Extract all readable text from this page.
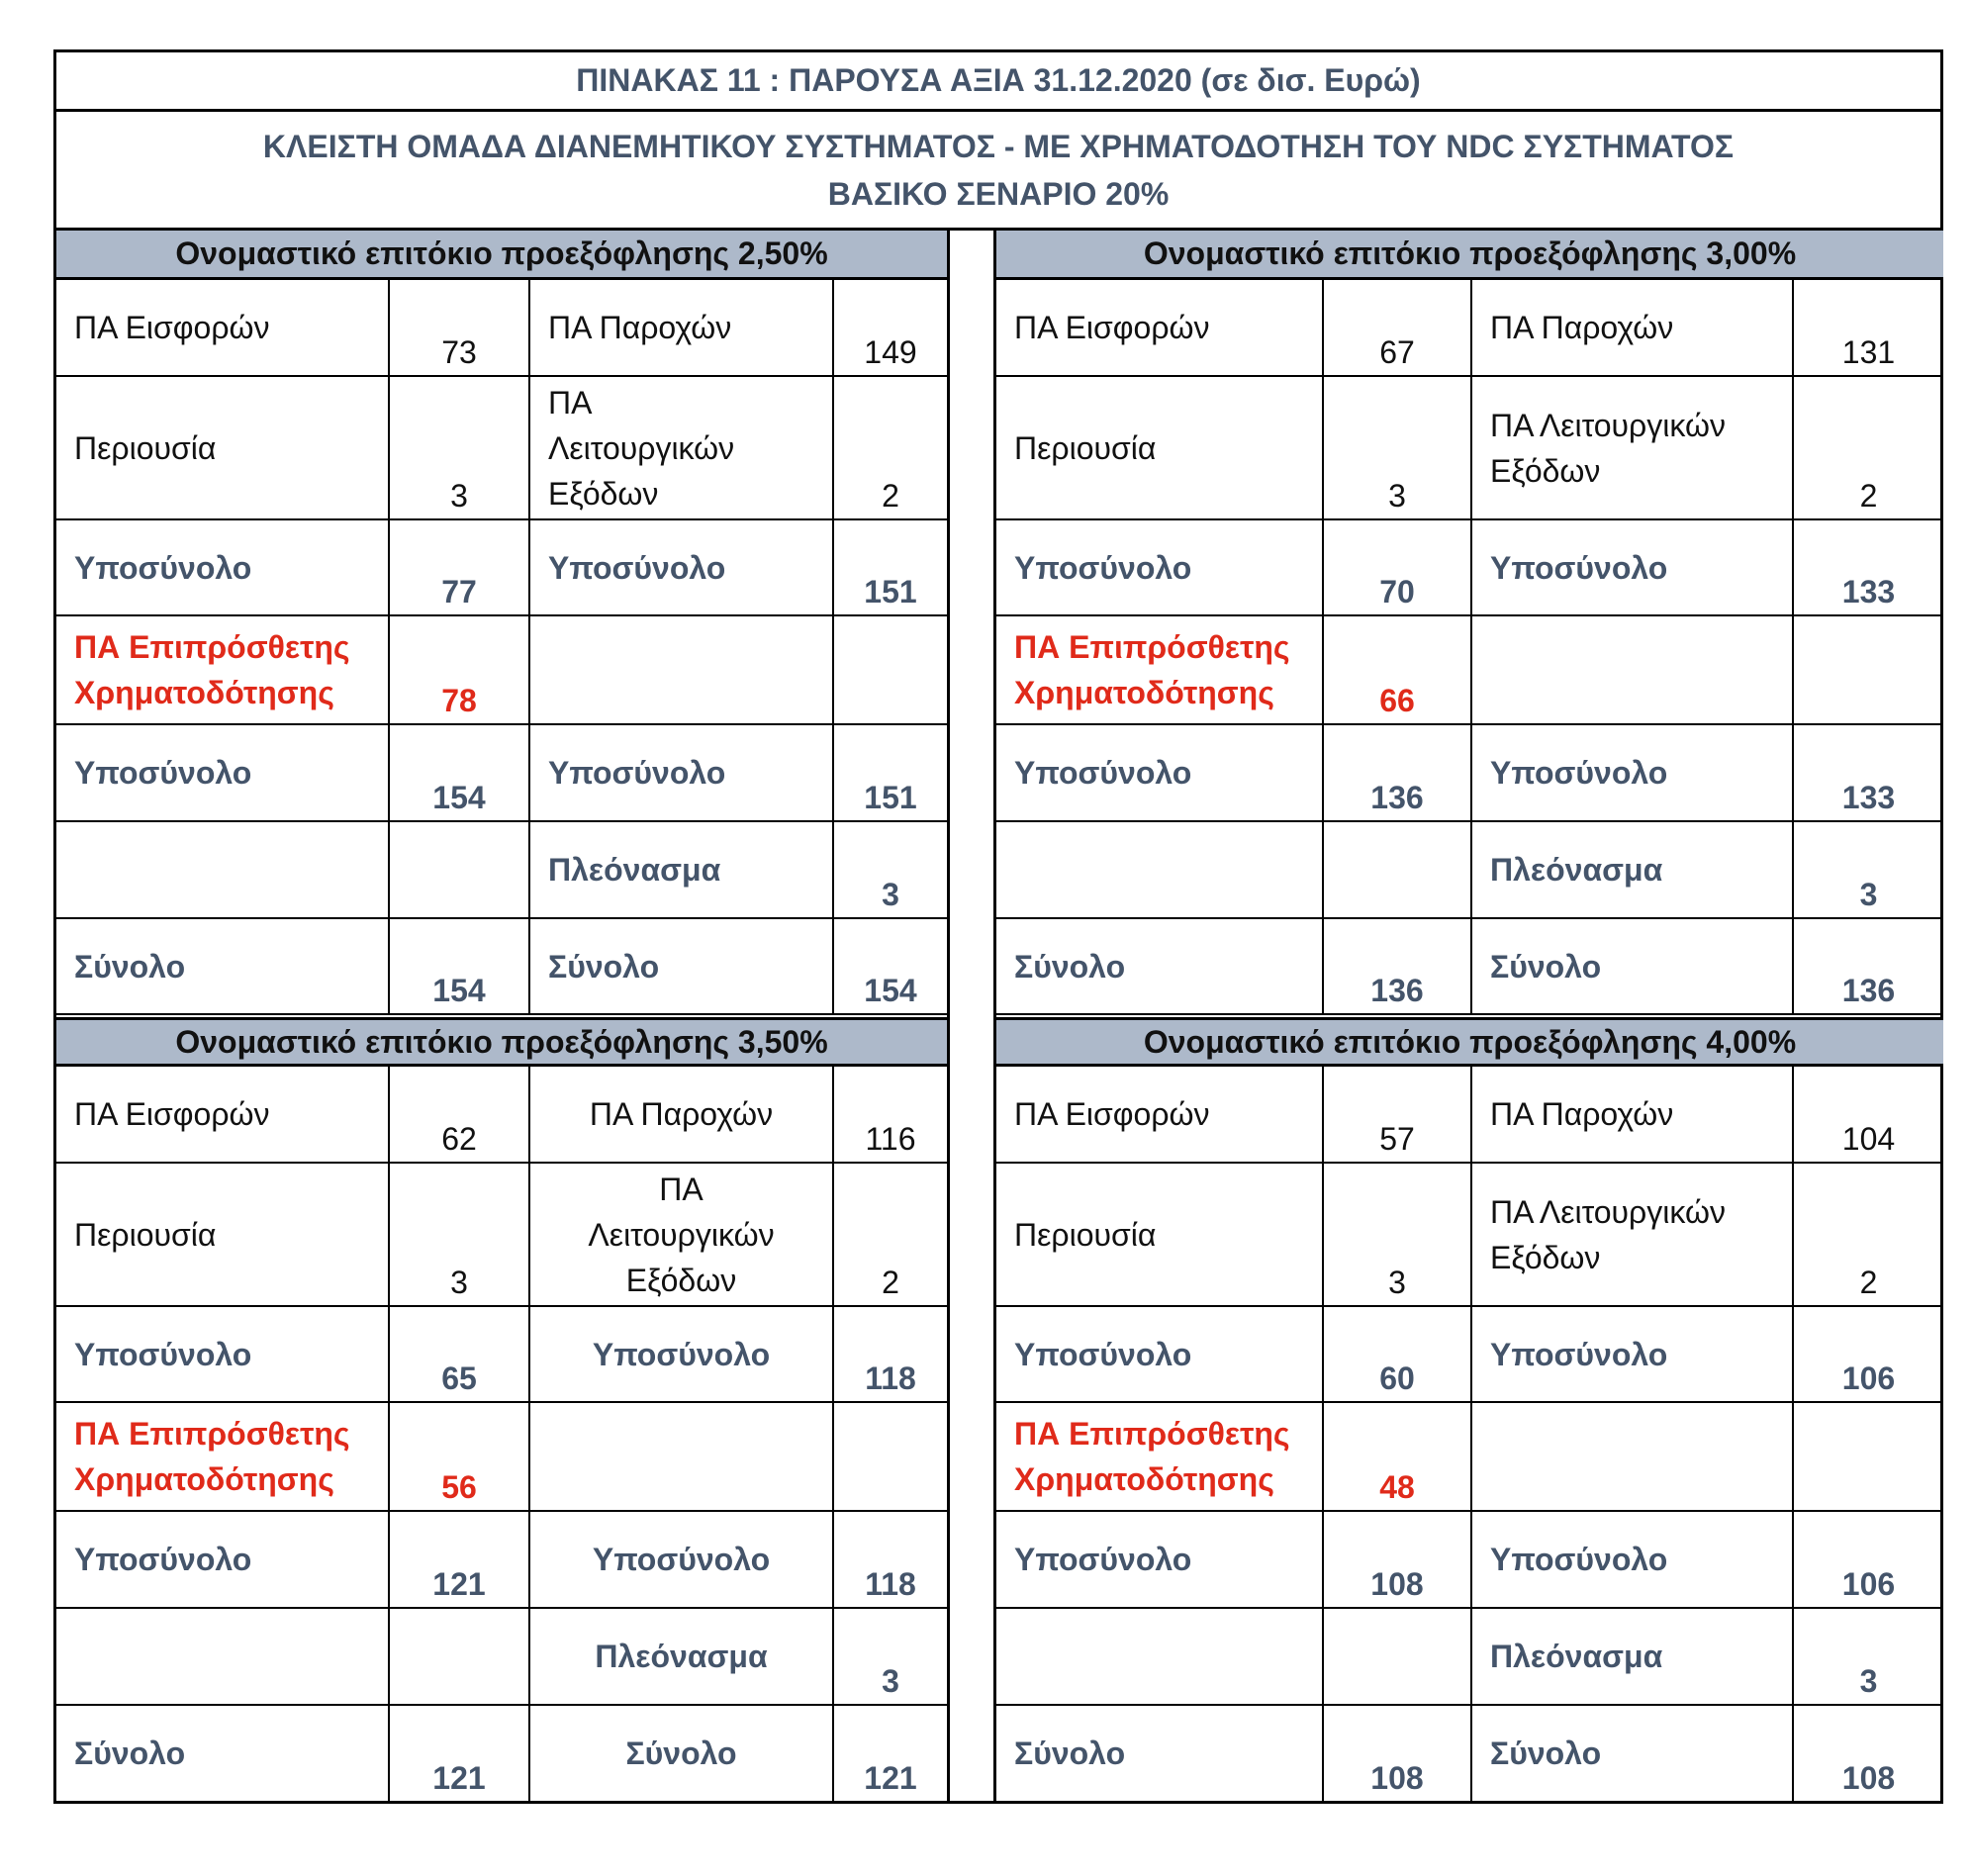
ΠΙΝΑΚΑΣ 11 : ΠΑΡΟΥΣΑ ΑΞΙΑ 31.12.2020 (σε δισ. Ευρώ)
ΚΛΕΙΣΤΗ ΟΜΑΔΑ ΔΙΑΝΕΜΗΤΙΚΟΥ ΣΥΣΤΗΜΑΤΟΣ - ΜΕ ΧΡΗΜΑΤΟΔΟΤΗΣΗ ΤΟΥ NDC ΣΥΣΤΗΜΑΤΟΣ
ΒΑΣΙΚΟ ΣΕΝΑΡΙΟ 20%
Ονομαστικό επιτόκιο προεξόφλησης 2,50%
ΠΑ Εισφορών	73	ΠΑ Παροχών	149
Περιουσία	3	ΠΑ
Λειτουργικών
Εξόδων	2
Υποσύνολο	77	Υποσύνολο	151

ΠΑ Επιπρόσθετης
Χρηματοδότησης	78		
Υποσύνολο	154	Υποσύνολο	151
		Πλεόνασμα	3
Σύνολο	154	Σύνολο	154
Ονομαστικό επιτόκιο προεξόφλησης 3,00%
ΠΑ Εισφορών	67	ΠΑ Παροχών	131
Περιουσία	3	ΠΑ Λειτουργικών
Εξόδων	2
Υποσύνολο	70	Υποσύνολο	133

ΠΑ Επιπρόσθετης
Χρηματοδότησης	66		
Υποσύνολο	136	Υποσύνολο	133
		Πλεόνασμα	3
Σύνολο	136	Σύνολο	136
Ονομαστικό επιτόκιο προεξόφλησης 3,50%
ΠΑ Εισφορών	62	ΠΑ Παροχών	116
Περιουσία	3	ΠΑ
Λειτουργικών
Εξόδων	2
Υποσύνολο	65	Υποσύνολο	118

ΠΑ Επιπρόσθετης
Χρηματοδότησης	56		
Υποσύνολο	121	Υποσύνολο	118
		Πλεόνασμα	3
Σύνολο	121	Σύνολο	121
Ονομαστικό επιτόκιο προεξόφλησης 4,00%
ΠΑ Εισφορών	57	ΠΑ Παροχών	104
Περιουσία	3	ΠΑ Λειτουργικών
Εξόδων	2
Υποσύνολο	60	Υποσύνολο	106

ΠΑ Επιπρόσθετης
Χρηματοδότησης	48		
Υποσύνολο	108	Υποσύνολο	106
		Πλεόνασμα	3
Σύνολο	108	Σύνολο	108
